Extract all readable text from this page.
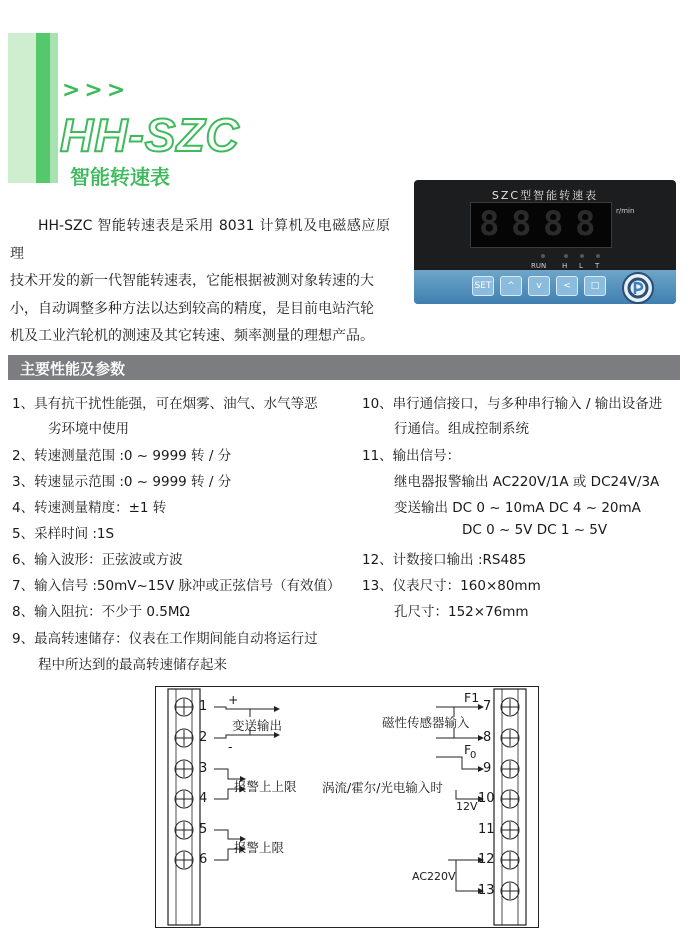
>>>
HH-SZC
智能转速表

HH-SZC 智能转速表是采用 8031 计算机及电磁感应原理

技术开发的新一代智能转速表，它能根据被测对象转速的大
小，自动调整多种方法以达到较高的精度，是目前电站汽轮
机及工业汽轮机的测速及其它转速、频率测量的理想产品。
SZC型智能转速表
8 8 8 8	r/min
RUN H L T
SET	^	v	<	□
主要性能及参数
1、具有抗干扰性能强，可在烟雾、油气、水气等恶
劣环境中使用
2、转速测量范围 :0 ~ 9999 转 / 分
3、转速显示范围 :0 ~ 9999 转 / 分
4、转速测量精度：±1 转
5、采样时间 :1S
6、输入波形：正弦波或方波
7、输入信号 :50mV~15V 脉冲或正弦信号（有效值）
8、输入阻抗：不少于 0.5MΩ
9、最高转速储存：仪表在工作期间能自动将运行过
程中所达到的最高转速储存起来
10、串行通信接口，与多种串行输入 / 输出设备进
行通信。组成控制系统
11、输出信号：
继电器报警输出 AC220V/1A 或 DC24V/3A
变送输出 DC 0 ~ 10mA DC 4 ~ 20mA
DC 0 ~ 5V DC 1 ~ 5V
12、计数接口输出 :RS485
13、仪表尺寸：160×80mm
孔尺寸：152×76mm
1
2
3
4
5
6
7
8
9
10
11
12
13
+
-
变送输出
报警上上限
报警上限
F1
磁性传感器输入
F
0
涡流/霍尔/光电输入时
12V
AC220V
